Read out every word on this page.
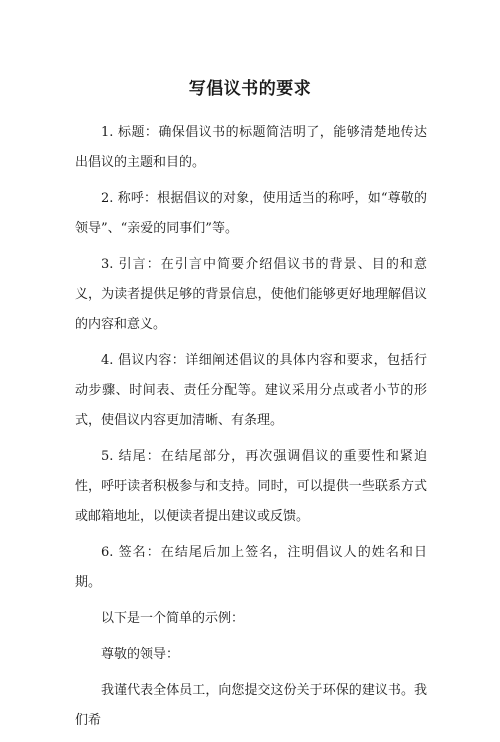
写倡议书的要求

1. 标题：确保倡议书的标题简洁明了，能够清楚地传达出倡议的主题和目的。

2. 称呼：根据倡议的对象，使用适当的称呼，如“尊敬的领导”、“亲爱的同事们”等。

3. 引言：在引言中简要介绍倡议书的背景、目的和意义，为读者提供足够的背景信息，使他们能够更好地理解倡议的内容和意义。

4. 倡议内容：详细阐述倡议的具体内容和要求，包括行动步骤、时间表、责任分配等。建议采用分点或者小节的形式，使倡议内容更加清晰、有条理。

5. 结尾：在结尾部分，再次强调倡议的重要性和紧迫性，呼吁读者积极参与和支持。同时，可以提供一些联系方式或邮箱地址，以便读者提出建议或反馈。

6. 签名：在结尾后加上签名，注明倡议人的姓名和日期。

以下是一个简单的示例：

尊敬的领导：

我谨代表全体员工，向您提交这份关于环保的建议书。我们希
